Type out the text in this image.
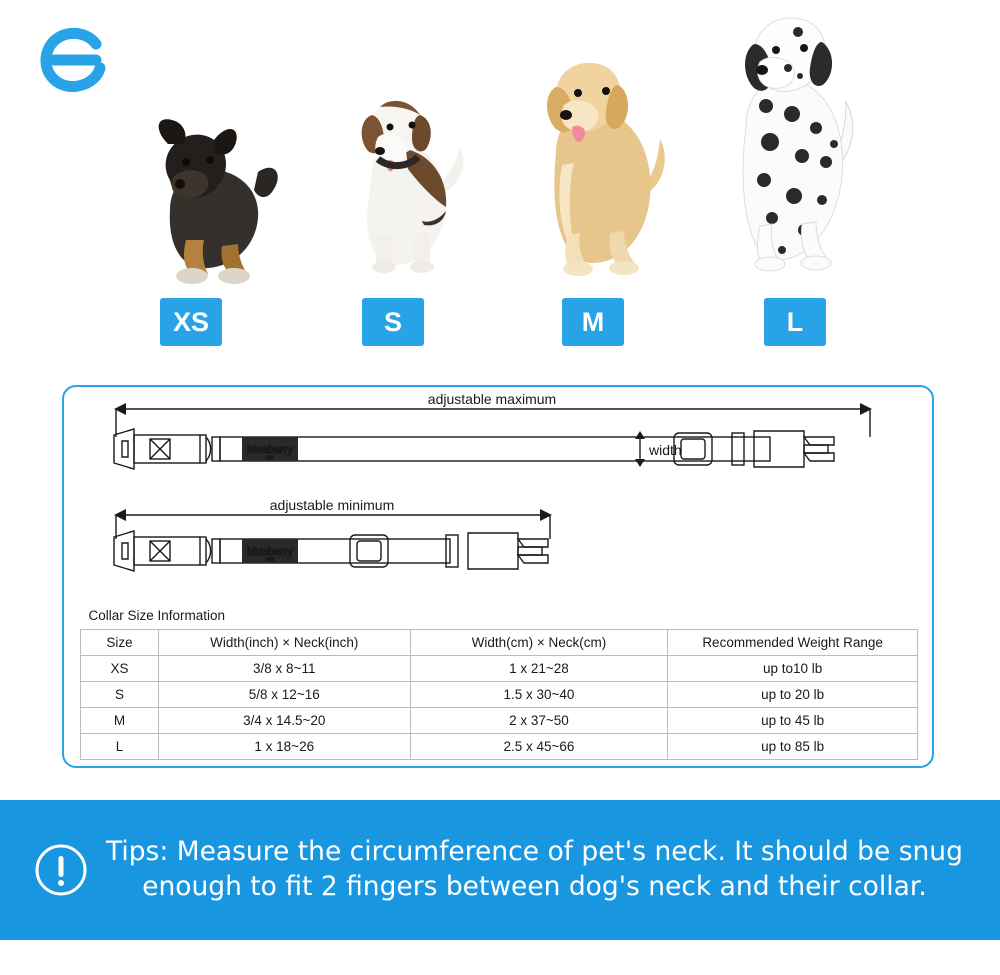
XS	S	M	L
blueberry
PET
blueberry
PET
adjustable maximum
adjustable minimum
width
Collar Size Information			
Size	Width(inch) × Neck(inch)	Width(cm) × Neck(cm)	Recommended Weight Range
XS	3/8 x 8~11	1 x 21~28	up to10 lb
S	5/8 x 12~16	1.5 x 30~40	up to 20 lb
M	3/4 x 14.5~20	2 x 37~50	up to 45 lb
L	1 x 18~26	2.5 x 45~66	up to 85 lb
Tips: Measure the circumference of pet's neck. It should be snug
enough to fit 2 fingers between dog's neck and their collar.
